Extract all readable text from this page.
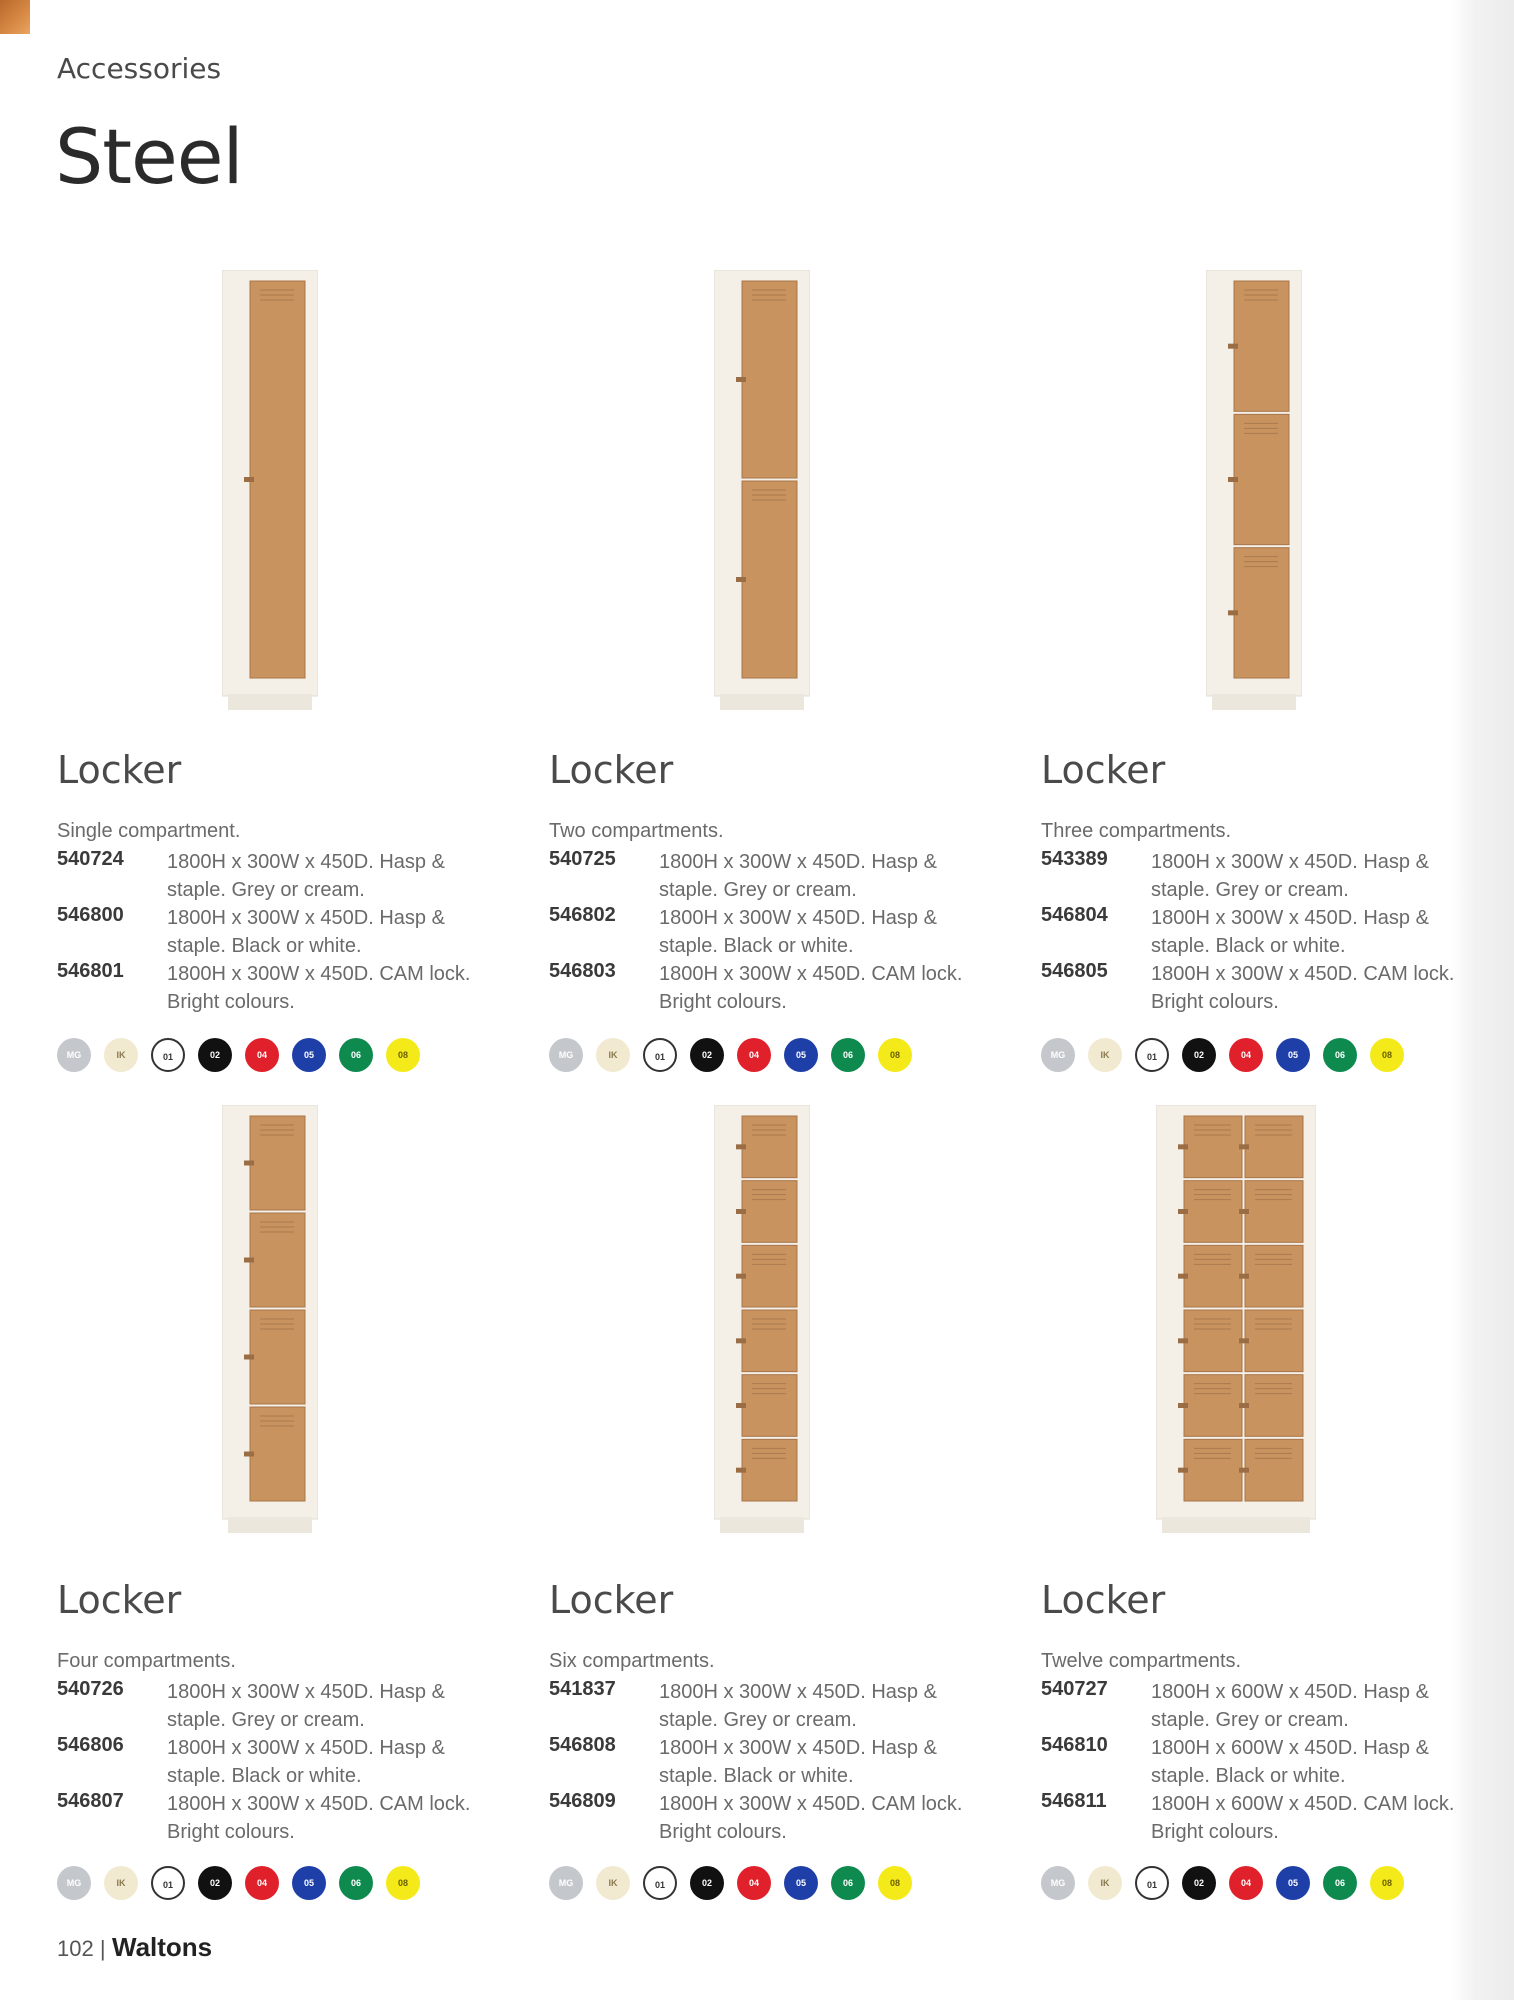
Accessories
Steel
Locker
Single compartment.
540724 1800H x 300W x 450D. Hasp & staple. Grey or cream.
546800 1800H x 300W x 450D. Hasp & staple. Black or white.
546801 1800H x 300W x 450D. CAM lock. Bright colours.
MG	IK	01	02	04	05	06	08
Locker
Two compartments.
540725 1800H x 300W x 450D. Hasp & staple. Grey or cream.
546802 1800H x 300W x 450D. Hasp & staple. Black or white.
546803 1800H x 300W x 450D. CAM lock. Bright colours.
MG	IK	01	02	04	05	06	08
Locker
Three compartments.
543389 1800H x 300W x 450D. Hasp & staple. Grey or cream.
546804 1800H x 300W x 450D. Hasp & staple. Black or white.
546805 1800H x 300W x 450D. CAM lock. Bright colours.
MG	IK	01	02	04	05	06	08
Locker
Four compartments.
540726 1800H x 300W x 450D. Hasp & staple. Grey or cream.
546806 1800H x 300W x 450D. Hasp & staple. Black or white.
546807 1800H x 300W x 450D. CAM lock. Bright colours.
MG	IK	01	02	04	05	06	08
Locker
Six compartments.
541837 1800H x 300W x 450D. Hasp & staple. Grey or cream.
546808 1800H x 300W x 450D. Hasp & staple. Black or white.
546809 1800H x 300W x 450D. CAM lock. Bright colours.
MG	IK	01	02	04	05	06	08
Locker
Twelve compartments.
540727 1800H x 600W x 450D. Hasp & staple. Grey or cream.
546810 1800H x 600W x 450D. Hasp & staple. Black or white.
546811 1800H x 600W x 450D. CAM lock. Bright colours.
MG	IK	01	02	04	05	06	08
102 | Waltons
